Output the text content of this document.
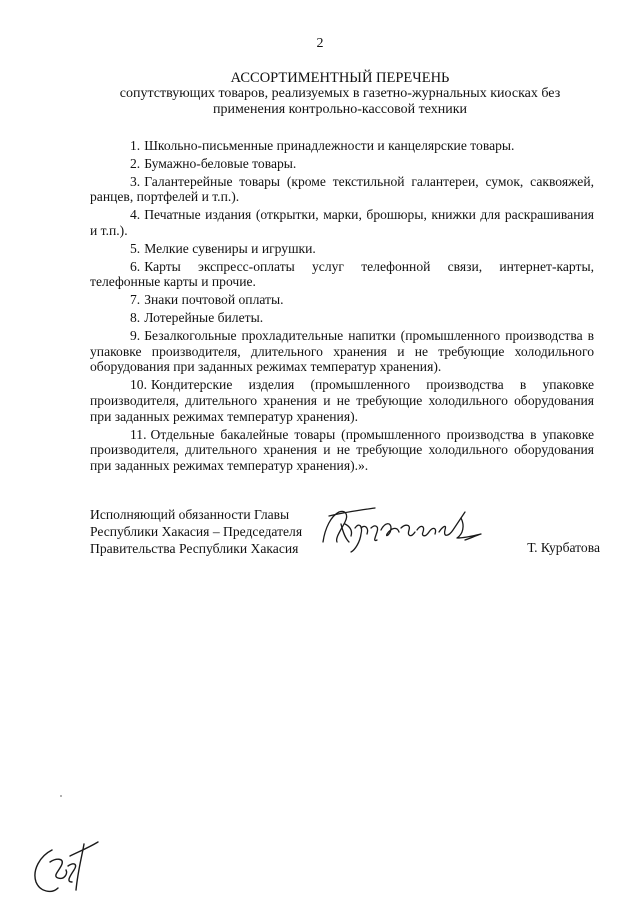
2
АССОРТИМЕНТНЫЙ ПЕРЕЧЕНЬ
сопутствующих товаров, реализуемых в газетно-журнальных киосках без
применения контрольно-кассовой техники

1. Школьно-письменные принадлежности и канцелярские товары.

2. Бумажно-беловые товары.

3. Галантерейные товары (кроме текстильной галантереи, сумок, саквояжей, ранцев, портфелей и т.п.).

4. Печатные издания (открытки, марки, брошюры, книжки для раскрашивания и т.п.).

5. Мелкие сувениры и игрушки.

6. Карты экспресс-оплаты услуг телефонной связи, интернет-карты, телефонные карты и прочие.

7. Знаки почтовой оплаты.

8. Лотерейные билеты.

9. Безалкогольные прохладительные напитки (промышленного производства в упаковке производителя, длительного хранения и не требующие холодильного оборудования при заданных режимах температур хранения).

10. Кондитерские изделия (промышленного производства в упаковке производителя, длительного хранения и не требующие холодильного оборудования при заданных режимах температур хранения).

11. Отдельные бакалейные товары (промышленного производства в упаковке производителя, длительного хранения и не требующие холодильного оборудования при заданных режимах температур хранения).».

Исполняющий обязанности Главы
Республики Хакасия – Председателя
Правительства Республики Хакасия	Т. Курбатова
